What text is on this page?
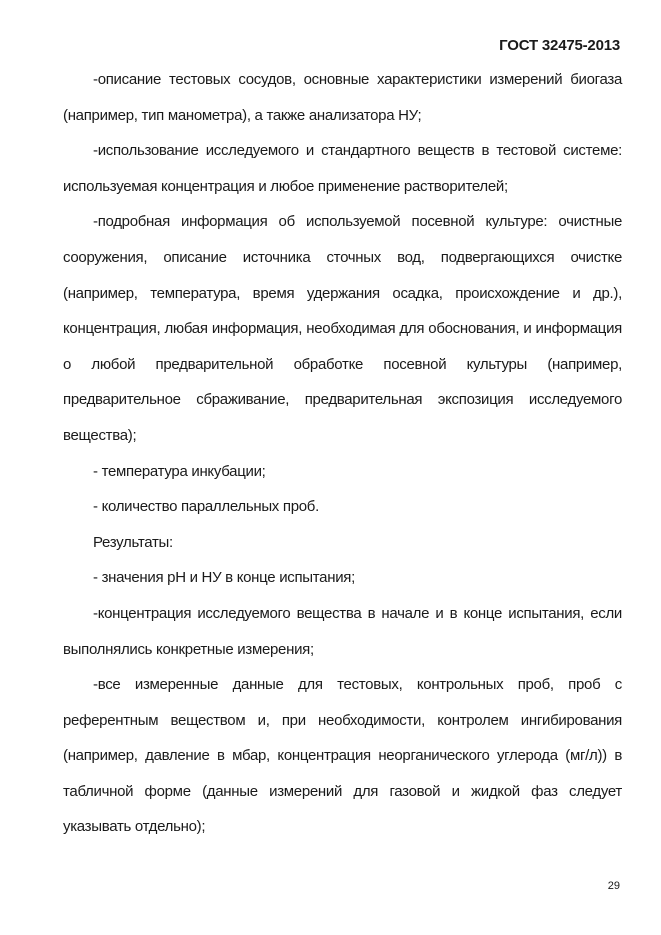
ГОСТ 32475-2013

-описание тестовых сосудов, основные характеристики измерений биогаза (например, тип манометра), а также анализатора НУ;

-использование исследуемого и стандартного веществ в тестовой системе: используемая концентрация и любое применение растворителей;

-подробная информация об используемой посевной культуре: очистные сооружения, описание источника сточных вод, подвергающихся очистке (например, температура, время удержания осадка, происхождение и др.), концентрация, любая информация, необходимая для обоснования, и информация о любой предварительной обработке посевной культуры (например, предварительное сбраживание, предварительная экспозиция исследуемого вещества);

- температура инкубации;

- количество параллельных проб.

Результаты:

- значения pH и НУ в конце испытания;

-концентрация исследуемого вещества в начале и в конце испытания, если выполнялись конкретные измерения;

-все измеренные данные для тестовых, контрольных проб, проб с референтным веществом и, при необходимости, контролем ингибирования (например, давление в мбар, концентрация неорганического углерода (мг/л)) в табличной форме (данные измерений для газовой и жидкой фаз следует указывать отдельно);

29
